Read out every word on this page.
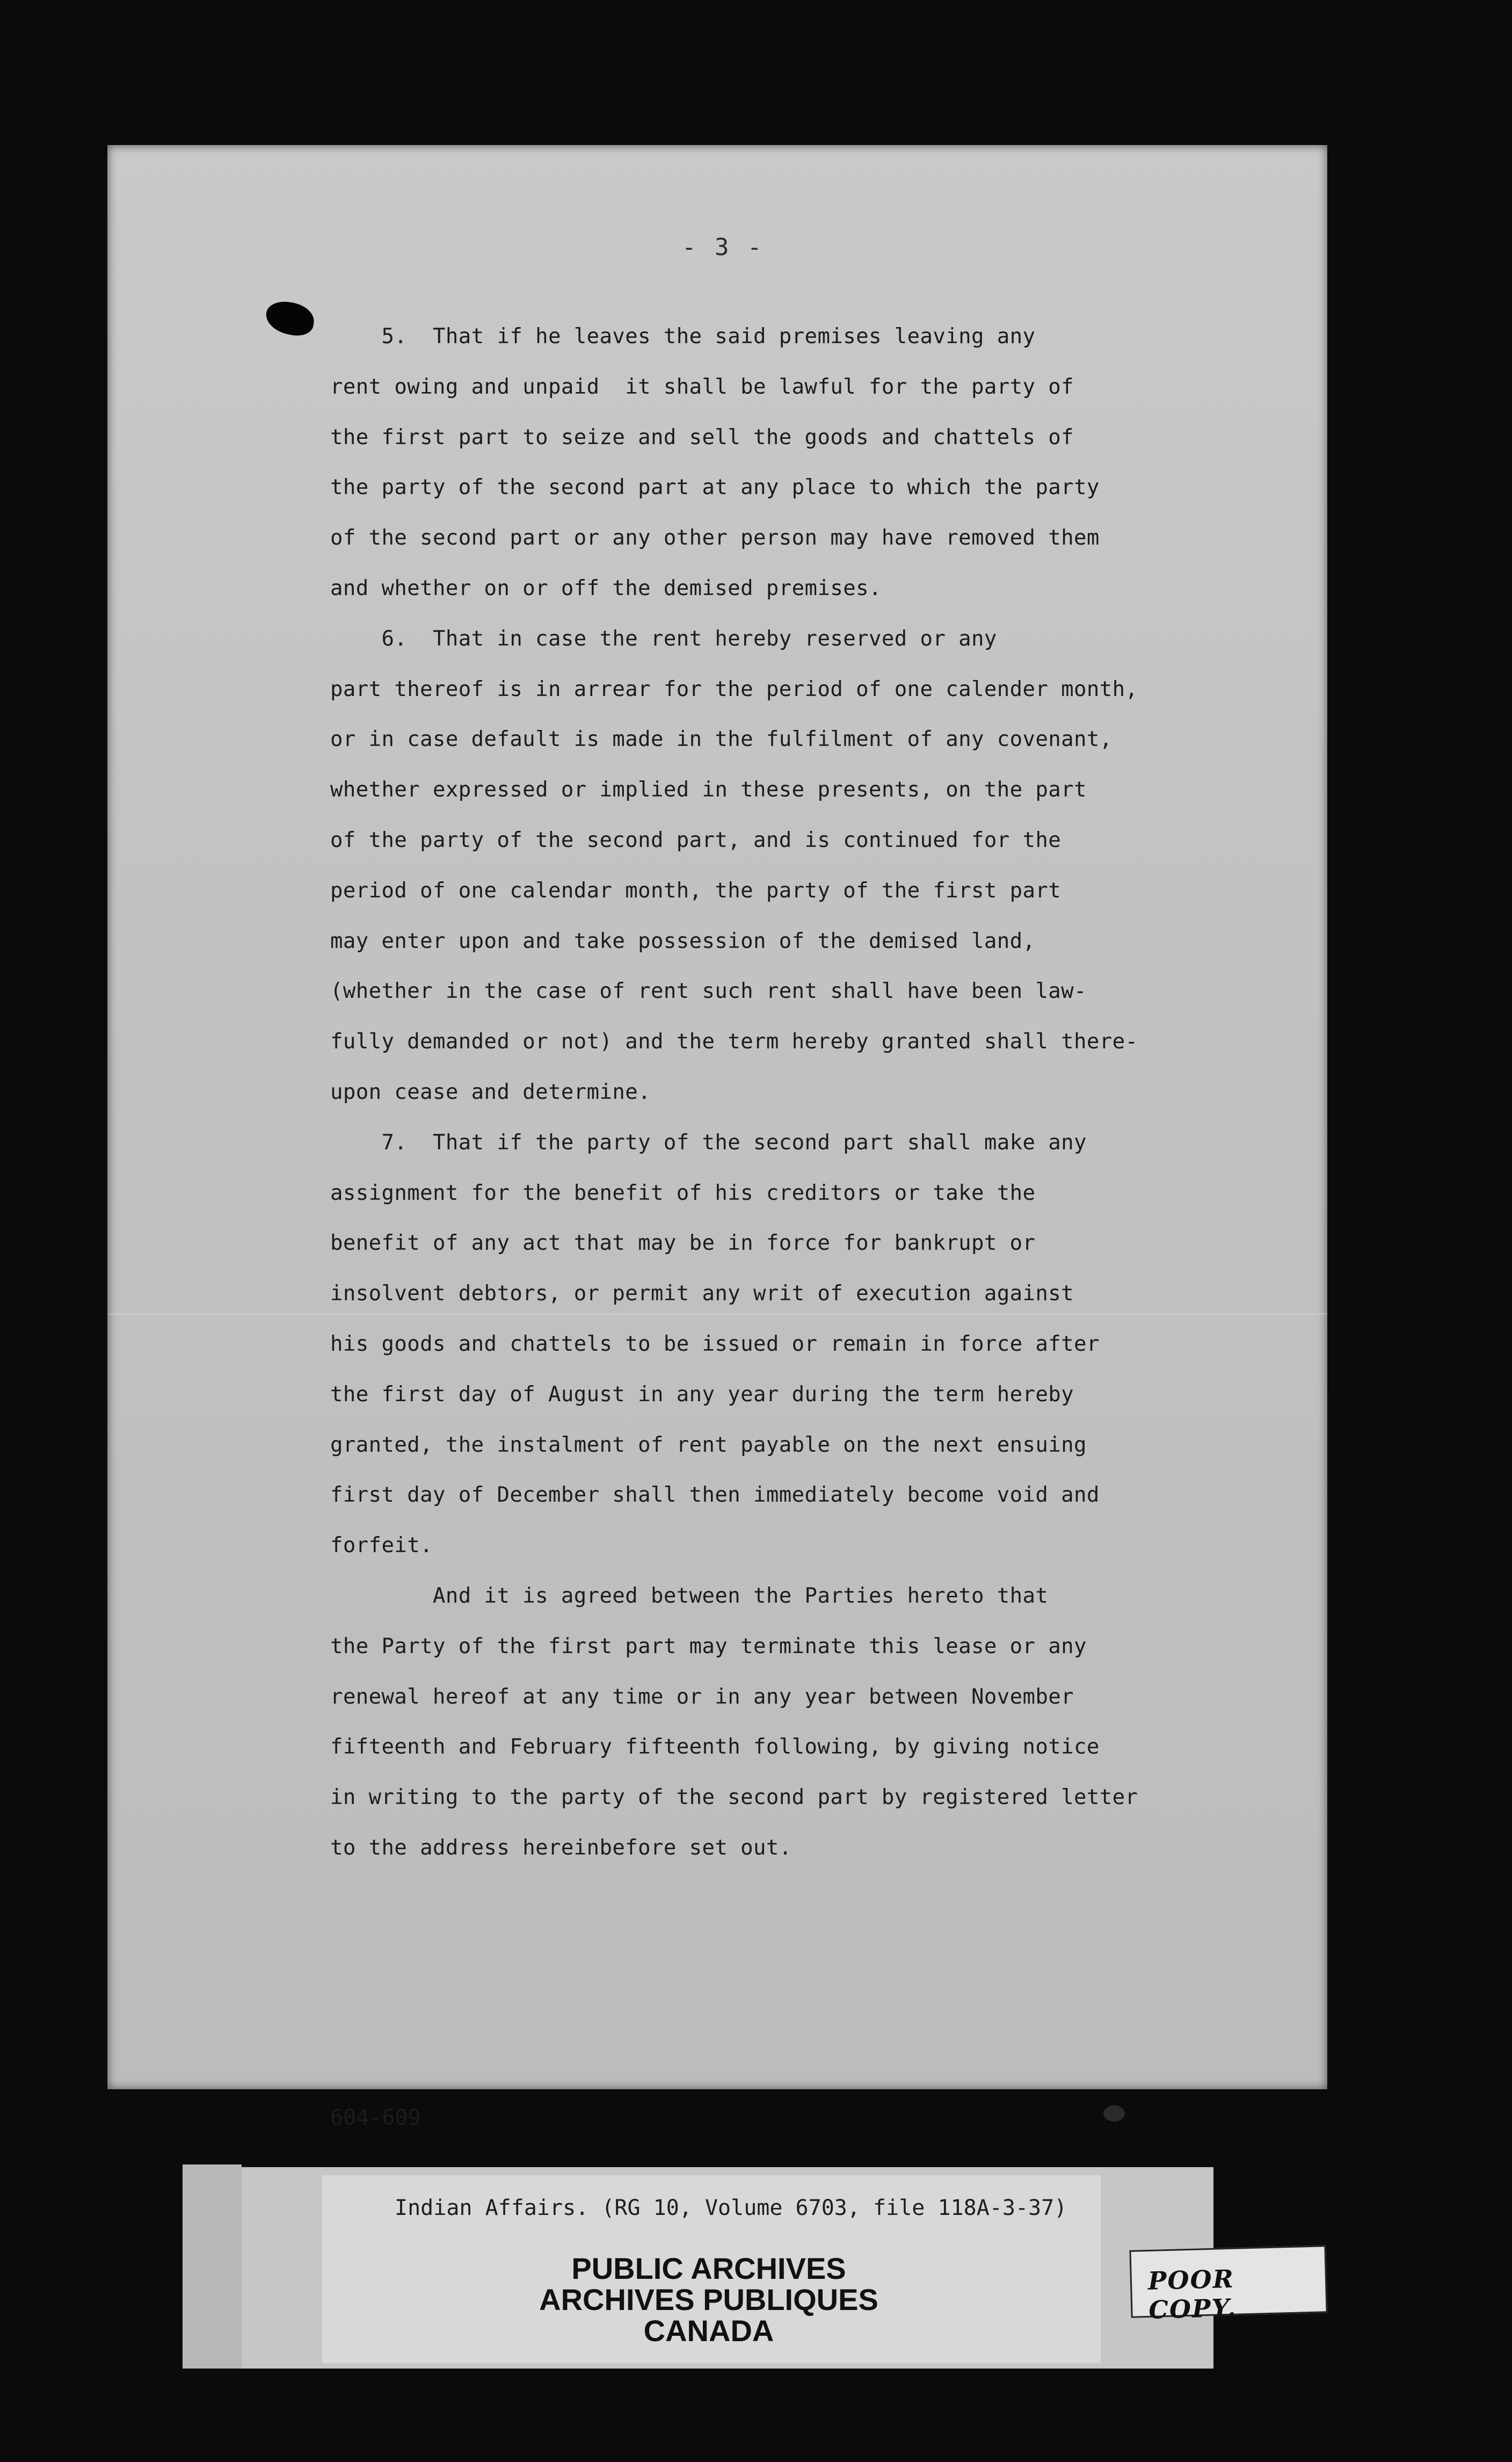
- 3 -
5.  That if he leaves the said premises leaving any
rent owing and unpaid  it shall be lawful for the party of
the first part to seize and sell the goods and chattels of
the party of the second part at any place to which the party
of the second part or any other person may have removed them
and whether on or off the demised premises.
6.  That in case the rent hereby reserved or any
part thereof is in arrear for the period of one calender month,
or in case default is made in the fulfilment of any covenant,
whether expressed or implied in these presents, on the part
of the party of the second part, and is continued for the
period of one calendar month, the party of the first part
may enter upon and take possession of the demised land,
(whether in the case of rent such rent shall have been law-
fully demanded or not) and the term hereby granted shall there-
upon cease and determine.
7.  That if the party of the second part shall make any
assignment for the benefit of his creditors or take the
benefit of any act that may be in force for bankrupt or
insolvent debtors, or permit any writ of execution against
his goods and chattels to be issued or remain in force after
the first day of August in any year during the term hereby
granted, the instalment of rent payable on the next ensuing
first day of December shall then immediately become void and
forfeit.
And it is agreed between the Parties hereto that
the Party of the first part may terminate this lease or any
renewal hereof at any time or in any year between November
fifteenth and February fifteenth following, by giving notice
in writing to the party of the second part by registered letter
to the address hereinbefore set out.
604-609
Indian Affairs. (RG 10, Volume 6703, file 118A-3-37)
PUBLIC ARCHIVES
ARCHIVES PUBLIQUES
CANADA
POOR COPY.
